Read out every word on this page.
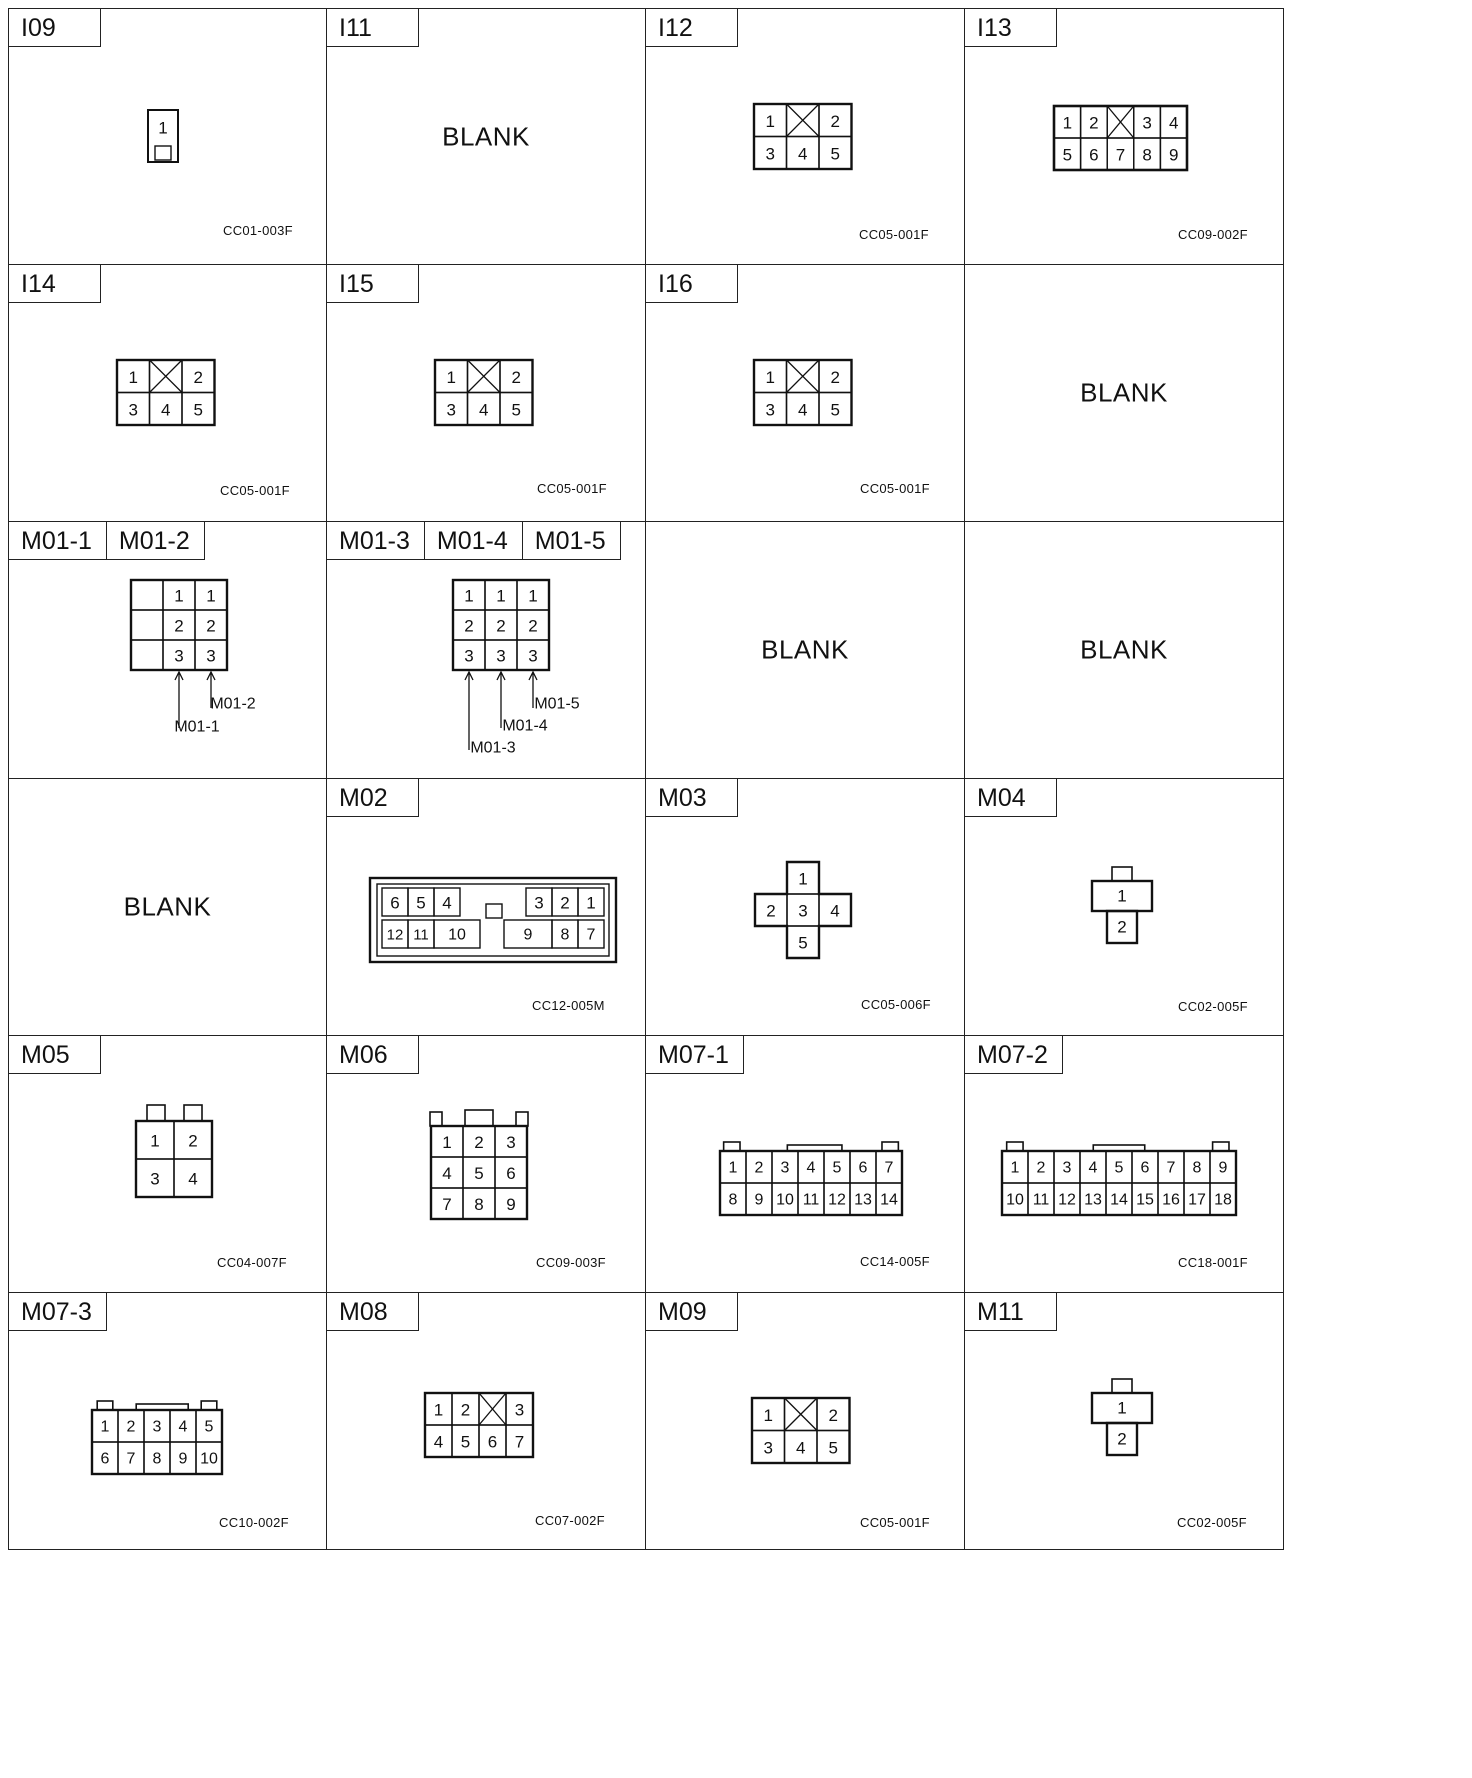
I09
1
CC01-003F
I11
BLANK
I12
1	2
3 4 5
CC05-001F
I13
1 2	3 4
5 6 7 8 9
CC09-002F
I14
1	2
3 4 5
CC05-001F
I15
1	2
3 4 5
CC05-001F
I16
1	2
3 4 5
CC05-001F
BLANK
M01-1	M01-2
1 1
2 2
3 3
M01-2
M01-1
M01-3	M01-4	M01-5
1 1 1
2 2 2
3 3 3
M01-5
M01-4
M01-3
BLANK	BLANK
BLANK
M02
6 5 4	3 2 1
12 11 10	9 8 7
CC12-005M
M03
1
2 3 4
5
CC05-006F
M04
1
2
CC02-005F
M05
1 2
3 4
CC04-007F
M06
1 2 3
4 5 6
7 8 9
CC09-003F
M07-1
1 2 3 4 5 6 7
8 9 10 11 12 13 14
CC14-005F
M07-2
1 2 3 4 5 6 7 8 9
10 11 12 13 14 15 16 17 18
CC18-001F
M07-3
1 2 3 4 5
6 7 8 9 10
CC10-002F
M08
1 2	3
4 5 6 7
CC07-002F
M09
1	2
3 4 5
CC05-001F
M11
1
2
CC02-005F
